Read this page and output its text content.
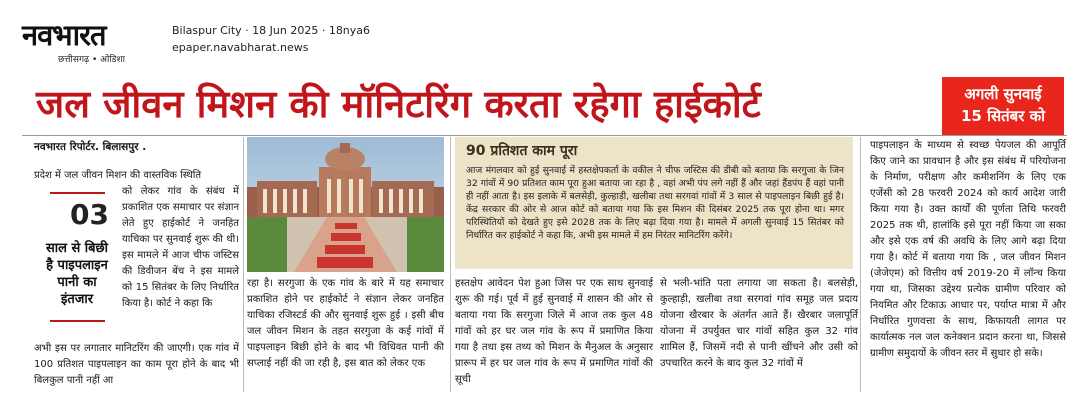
नवभारत
छत्तीसगढ़ • ओडिशा
Bilaspur City · 18 Jun 2025 · 18nya6
epaper.navabharat.news
जल जीवन मिशन की मॉनिटरिंग करता रहेगा हाईकोर्ट	अगली सुनवाई
15 सितंबर को
नवभारत रिपोर्टर. बिलासपुर .
प्रदेश में जल जीवन मिशन की वास्तविक स्थिति
03
साल से बिछी है पाइपलाइन पानी का इंतजार
को लेकर गांव के संबंध में प्रकाशित एक समाचार पर संज्ञान लेते हुए हाईकोर्ट ने जनहित याचिका पर सुनवाई शुरू की थी। इस मामले में आज चीफ जस्टिस की डिवीजन बेंच ने इस मामले को 15 सितंबर के लिए निर्धारित किया है। कोर्ट ने कहा कि
अभी इस पर लगातार मानिटरिंग की जाएगी। एक गांव में 100 प्रतिशत पाइपलाइन का काम पूरा होने के बाद भी बिलकुल पानी नहीं आ
रहा है। सरगुजा के एक गांव के बारे में यह समाचार प्रकाशित होने पर हाईकोर्ट ने संज्ञान लेकर जनहित याचिका रजिस्टर्ड की और सुनवाई शुरू हुई । इसी बीच जल जीवन मिशन के तहत सरगुजा के कई गांवों में पाइपलाइन बिछी होने के बाद भी विधिवत पानी की सप्लाई नहीं की जा रही है, इस बात को लेकर एक
90 प्रतिशत काम पूरा
आज मंगलवार को हुई सुनवाई में हस्तक्षेपकर्ता के वकील ने चीफ जस्टिस की डीबी को बताया कि सरगुजा के जिन 32 गांवों में 90 प्रतिशत काम पूरा हुआ बताया जा रहा है , वहां अभी पंप लगे नहीं हैं और जहां हैंडपंप हैं वहां पानी ही नहीं आता है। इस इलाके में बलसेड़ी, कुल्हाड़ी, खलीबा तथा सरगवां गांवों में 3 साल से पाइपलाइन बिछी हुई है। केंद्र सरकार की ओर से आज कोर्ट को बताया गया कि इस मिशन की दिसंबर 2025 तक पूरा होना था। मगर परिस्थितियों को देखते हुए इसे 2028 तक के लिए बढ़ा दिया गया है। मामले में अगली सुनवाई 15 सितंबर को निर्धारित कर हाईकोर्ट ने कहा कि, अभी इस मामले में हम निरंतर मानिटरिंग करेंगे।
हस्तक्षेप आवेदन पेश हुआ जिस पर एक साथ सुनवाई शुरू की गई। पूर्व में हुई सुनवाई में शासन की ओर से बताया गया कि सरगुजा जिले में आज तक कुल 48 गांवों को हर घर जल गांव के रूप में प्रमाणित किया गया है तथा इस तथ्य को मिशन के मैनुअल के अनुसार प्रारूप में हर घर जल गांव के रूप में प्रमाणित गांवों की सूची
से भली-भांति पता लगाया जा सकता है। बलसेड़ी, कुल्हाड़ी, खलीबा तथा सरगवां गांव समूह जल प्रदाय योजना खैरबार के अंतर्गत आते हैं। खैरबार जलापूर्ति योजना में उपर्युक्त चार गांवों सहित कुल 32 गांव शामिल हैं, जिसमें नदी से पानी खींचने और उसी को उपचारित करने के बाद कुल 32 गांवों में
पाइपलाइन के माध्यम से स्वच्छ पेयजल की आपूर्ति किए जाने का प्रावधान है और इस संबंध में परियोजना के निर्माण, परीक्षण और कमीशनिंग के लिए एक एजेंसी को 28 फरवरी 2024 को कार्य आदेश जारी किया गया है। उक्त कार्यों की पूर्णता तिथि फरवरी 2025 तक थी, हालांकि इसे पूरा नहीं किया जा सका और इसे एक वर्ष की अवधि के लिए आगे बढ़ा दिया गया है। कोर्ट में बताया गया कि , जल जीवन मिशन (जेजेएम) को वित्तीय वर्ष 2019-20 में लॉन्च किया गया था, जिसका उद्देश्य प्रत्येक ग्रामीण परिवार को नियमित और टिकाऊ आधार पर, पर्याप्त मात्रा में और निर्धारित गुणवत्ता के साथ, किफायती लागत पर कार्यात्मक नल जल कनेक्शन प्रदान करना था, जिससे ग्रामीण समुदायों के जीवन स्तर में सुधार हो सके।
